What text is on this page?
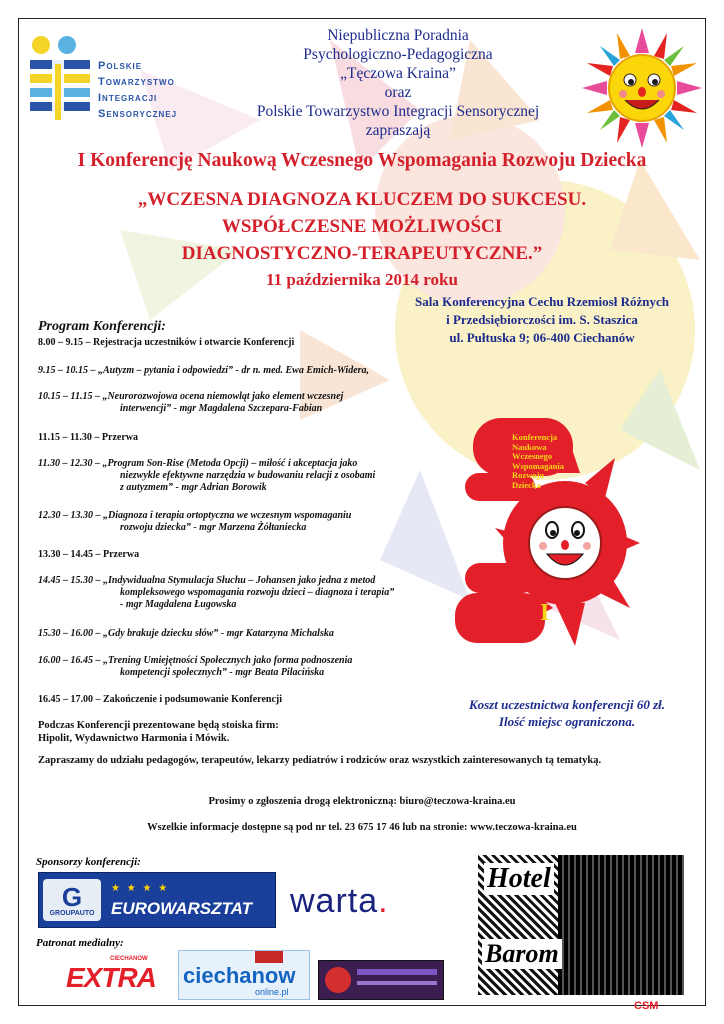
Polskie
Towarzystwo
Integracji
Sensorycznej
Niepubliczna Poradnia
Psychologiczno-Pedagogiczna
„Tęczowa Kraina”
oraz
Polskie Towarzystwo Integracji Sensorycznej
zapraszają
I Konferencję Naukową Wczesnego Wspomagania Rozwoju Dziecka
„WCZESNA DIAGNOZA KLUCZEM DO SUKCESU.
WSPÓŁCZESNE MOŻLIWOŚCI
DIAGNOSTYCZNO-TERAPEUTYCZNE.”
11 października 2014 roku
Sala Konferencyjna Cechu Rzemiosł Różnych
i Przedsiębiorczości im. S. Staszica
ul. Pułtuska 9; 06-400 Ciechanów
Program Konferencji:
8.00 – 9.15 – Rejestracja uczestników i otwarcie Konferencji
9.15 – 10.15 – „Autyzm – pytania i odpowiedzi” - dr n. med. Ewa Emich-Widera,
10.15 – 11.15 – „Neurorozwojowa ocena niemowląt jako element wczesnej
interwencji” - mgr Magdalena Szczepara-Fabian
11.15 – 11.30 – Przerwa
11.30 – 12.30 – „Program Son-Rise (Metoda Opcji) – miłość i akceptacja jako
niezwykle efektywne narzędzia w budowaniu relacji z osobami
z autyzmem” - mgr Adrian Borowik
12.30 – 13.30 – „Diagnoza i terapia ortoptyczna we wczesnym wspomaganiu
rozwoju dziecka” - mgr Marzena Żółtaniecka
13.30 – 14.45 – Przerwa
14.45 – 15.30 – „Indywidualna Stymulacja Słuchu – Johansen jako jedna z metod
kompleksowego wspomagania rozwoju dzieci – diagnoza i terapia”
- mgr Magdalena Ługowska
15.30 – 16.00 – „Gdy brakuje dziecku słów” - mgr Katarzyna Michalska
16.00 – 16.45 – „Trening Umiejętności Społecznych jako forma podnoszenia
kompetencji społecznych” - mgr Beata Pilacińska
16.45 – 17.00 – Zakończenie i podsumowanie Konferencji
Konferencja
Naukowa
Wczesnego
Wspomagania
Rozwoju
Dziecka
I
Koszt uczestnictwa konferencji 60 zł.
Ilość miejsc ograniczona.
Podczas Konferencji prezentowane będą stoiska firm:
Hipolit, Wydawnictwo Harmonia i Mówik.
Zapraszamy do udziału pedagogów, terapeutów, lekarzy pediatrów i rodziców oraz wszystkich zainteresowanych tą tematyką.
Prosimy o zgłoszenia drogą elektroniczną: biuro@teczowa-kraina.eu
Wszelkie informacje dostępne są pod nr tel. 23 675 17 46 lub na stronie: www.teczowa-kraina.eu
Sponsorzy konferencji:
G
GROUPAUTO
★ ★ ★ ★
EUROWARSZTAT warta.
Hotel
Barom
Patronat medialny:
EXTRA
CIECHANOW
ciechanow
online.pl
CSM
